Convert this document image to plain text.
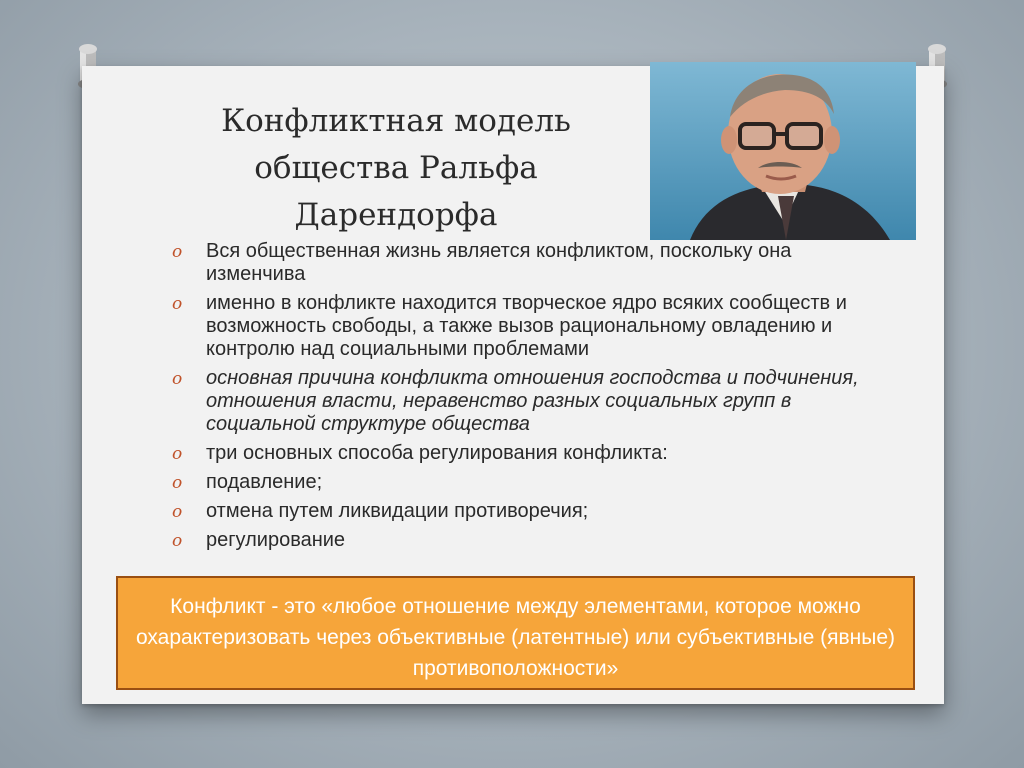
Конфликтная модель
общества Ральфа
Дарендорфа
o Вся общественная жизнь является конфликтом, поскольку она изменчива
o именно в конфликте находится творческое ядро всяких сообществ и возможность свободы, а также вызов рациональному овладению и контролю над социальными проблемами
o основная причина конфликта отношения господства и подчинения, отношения власти, неравенство разных социальных групп в социальной структуре общества
o три основных способа регулирования конфликта:
o подавление;
o отмена путем ликвидации противоречия;
o регулирование
Конфликт - это «любое отношение между элементами, которое можно охарактеризовать через объективные (латентные) или субъективные (явные) противоположности»
